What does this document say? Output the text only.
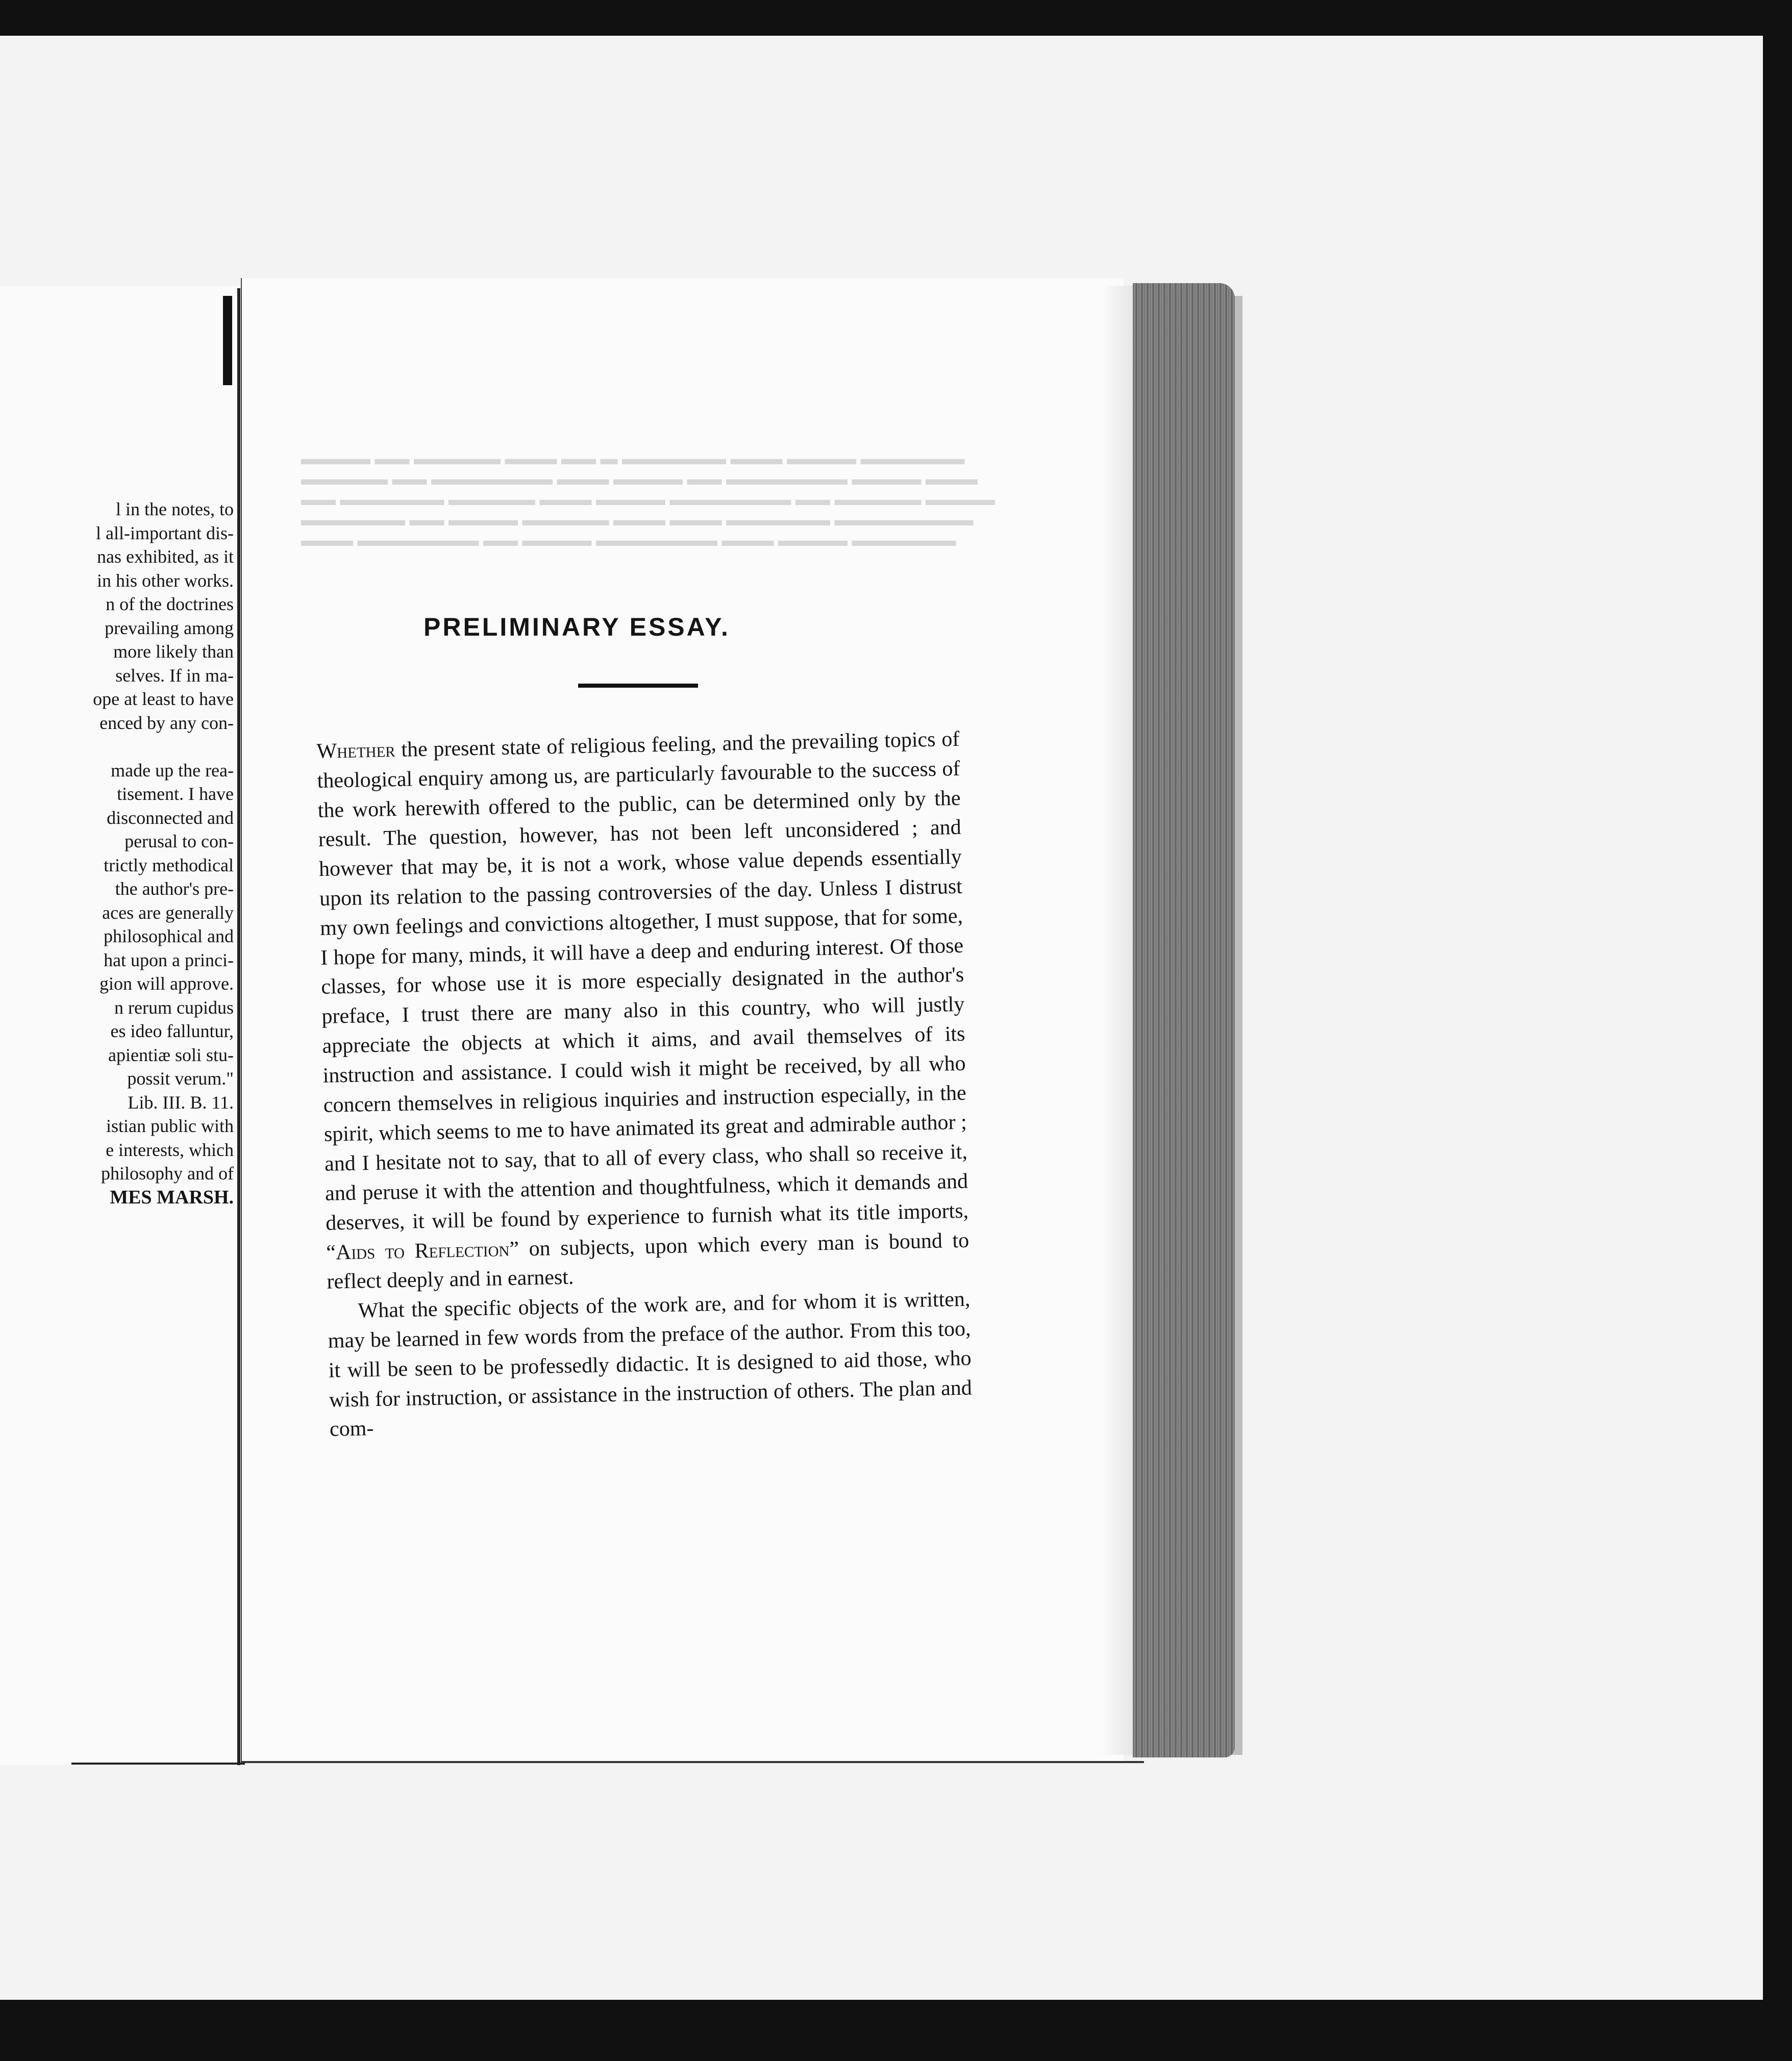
l in the notes, to
l all-important dis-
nas exhibited, as it
in his other works.
n of the doctrines
prevailing among
more likely than
selves. If in ma-
ope at least to have
enced by any con-
made up the rea-
tisement. I have
disconnected and
perusal to con-
trictly methodical
the author's pre-
aces are generally
philosophical and
hat upon a princi-
gion will approve.
n rerum cupidus
es ideo falluntur,
apientiæ soli stu-
possit verum."
Lib. III. B. 11.
istian public with
e interests, which
philosophy and of
MES MARSH.
▬▬▬▬ ▬▬ ▬▬▬▬▬ ▬▬▬ ▬▬ ▬ ▬▬▬▬▬▬ ▬▬▬ ▬▬▬▬ ▬▬▬▬▬▬
▬▬▬▬▬ ▬▬ ▬▬▬▬▬▬▬ ▬▬▬ ▬▬▬▬ ▬▬ ▬▬▬▬▬▬▬ ▬▬▬▬ ▬▬▬
▬▬ ▬▬▬▬▬▬ ▬▬▬▬▬ ▬▬▬ ▬▬▬▬ ▬▬▬▬▬▬▬ ▬▬ ▬▬▬▬▬ ▬▬▬▬
▬▬▬▬▬▬ ▬▬ ▬▬▬▬ ▬▬▬▬▬ ▬▬▬ ▬▬▬ ▬▬▬▬▬▬ ▬▬▬▬▬▬▬▬
▬▬▬ ▬▬▬▬▬▬▬ ▬▬ ▬▬▬▬ ▬▬▬▬▬▬▬ ▬▬▬ ▬▬▬▬ ▬▬▬▬▬▬
PRELIMINARY ESSAY.

Whether the present state of religious feeling, and the prevailing topics of theological enquiry among us, are particularly favourable to the success of the work herewith offered to the public, can be determined only by the result. The question, however, has not been left unconsidered ; and however that may be, it is not a work, whose value depends essentially upon its relation to the passing controversies of the day. Unless I distrust my own feelings and convictions altogether, I must suppose, that for some, I hope for many, minds, it will have a deep and enduring interest. Of those classes, for whose use it is more especially designated in the author's preface, I trust there are many also in this country, who will justly appreciate the objects at which it aims, and avail themselves of its instruction and assistance. I could wish it might be received, by all who concern themselves in religious inquiries and instruction especially, in the spirit, which seems to me to have animated its great and admirable author ; and I hesitate not to say, that to all of every class, who shall so receive it, and peruse it with the attention and thoughtfulness, which it demands and deserves, it will be found by experience to furnish what its title imports, “Aids to Reflection” on subjects, upon which every man is bound to reflect deeply and in earnest.

What the specific objects of the work are, and for whom it is written, may be learned in few words from the preface of the author. From this too, it will be seen to be professedly didactic. It is designed to aid those, who wish for instruction, or assistance in the instruction of others. The plan and com-
